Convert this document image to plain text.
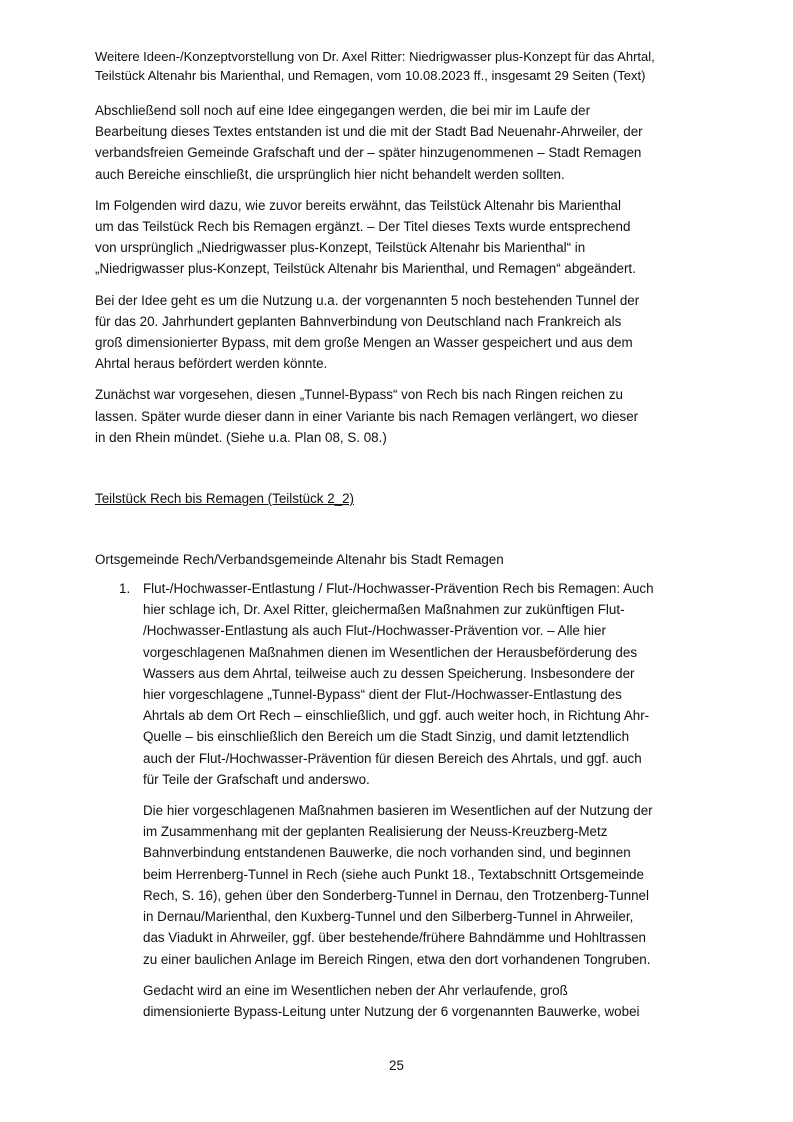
Weitere Ideen-/Konzeptvorstellung von Dr. Axel Ritter: Niedrigwasser plus-Konzept für das Ahrtal,
Teilstück Altenahr bis Marienthal, und Remagen, vom 10.08.2023 ff., insgesamt 29 Seiten (Text)
Abschließend soll noch auf eine Idee eingegangen werden, die bei mir im Laufe der
Bearbeitung dieses Textes entstanden ist und die mit der Stadt Bad Neuenahr-Ahrweiler, der
verbandsfreien Gemeinde Grafschaft und der – später hinzugenommenen – Stadt Remagen
auch Bereiche einschließt, die ursprünglich hier nicht behandelt werden sollten.
Im Folgenden wird dazu, wie zuvor bereits erwähnt, das Teilstück Altenahr bis Marienthal
um das Teilstück Rech bis Remagen ergänzt. – Der Titel dieses Texts wurde entsprechend
von ursprünglich „Niedrigwasser plus-Konzept, Teilstück Altenahr bis Marienthal“ in
„Niedrigwasser plus-Konzept, Teilstück Altenahr bis Marienthal, und Remagen“ abgeändert.
Bei der Idee geht es um die Nutzung u.a. der vorgenannten 5 noch bestehenden Tunnel der
für das 20. Jahrhundert geplanten Bahnverbindung von Deutschland nach Frankreich als
groß dimensionierter Bypass, mit dem große Mengen an Wasser gespeichert und aus dem
Ahrtal heraus befördert werden könnte.
Zunächst war vorgesehen, diesen „Tunnel-Bypass“ von Rech bis nach Ringen reichen zu
lassen. Später wurde dieser dann in einer Variante bis nach Remagen verlängert, wo dieser
in den Rhein mündet. (Siehe u.a. Plan 08, S. 08.)
Teilstück Rech bis Remagen (Teilstück 2_2)
Ortsgemeinde Rech/Verbandsgemeinde Altenahr bis Stadt Remagen
1. Flut-/Hochwasser-Entlastung / Flut-/Hochwasser-Prävention Rech bis Remagen: Auch
hier schlage ich, Dr. Axel Ritter, gleichermaßen Maßnahmen zur zukünftigen Flut-
/Hochwasser-Entlastung als auch Flut-/Hochwasser-Prävention vor. – Alle hier
vorgeschlagenen Maßnahmen dienen im Wesentlichen der Herausbeförderung des
Wassers aus dem Ahrtal, teilweise auch zu dessen Speicherung. Insbesondere der
hier vorgeschlagene „Tunnel-Bypass“ dient der Flut-/Hochwasser-Entlastung des
Ahrtals ab dem Ort Rech – einschließlich, und ggf. auch weiter hoch, in Richtung Ahr-
Quelle – bis einschließlich den Bereich um die Stadt Sinzig, und damit letztendlich
auch der Flut-/Hochwasser-Prävention für diesen Bereich des Ahrtals, und ggf. auch
für Teile der Grafschaft und anderswo.
Die hier vorgeschlagenen Maßnahmen basieren im Wesentlichen auf der Nutzung der
im Zusammenhang mit der geplanten Realisierung der Neuss-Kreuzberg-Metz
Bahnverbindung entstandenen Bauwerke, die noch vorhanden sind, und beginnen
beim Herrenberg-Tunnel in Rech (siehe auch Punkt 18., Textabschnitt Ortsgemeinde
Rech, S. 16), gehen über den Sonderberg-Tunnel in Dernau, den Trotzenberg-Tunnel
in Dernau/Marienthal, den Kuxberg-Tunnel und den Silberberg-Tunnel in Ahrweiler,
das Viadukt in Ahrweiler, ggf. über bestehende/frühere Bahndämme und Hohltrassen
zu einer baulichen Anlage im Bereich Ringen, etwa den dort vorhandenen Tongruben.
Gedacht wird an eine im Wesentlichen neben der Ahr verlaufende, groß
dimensionierte Bypass-Leitung unter Nutzung der 6 vorgenannten Bauwerke, wobei
25
